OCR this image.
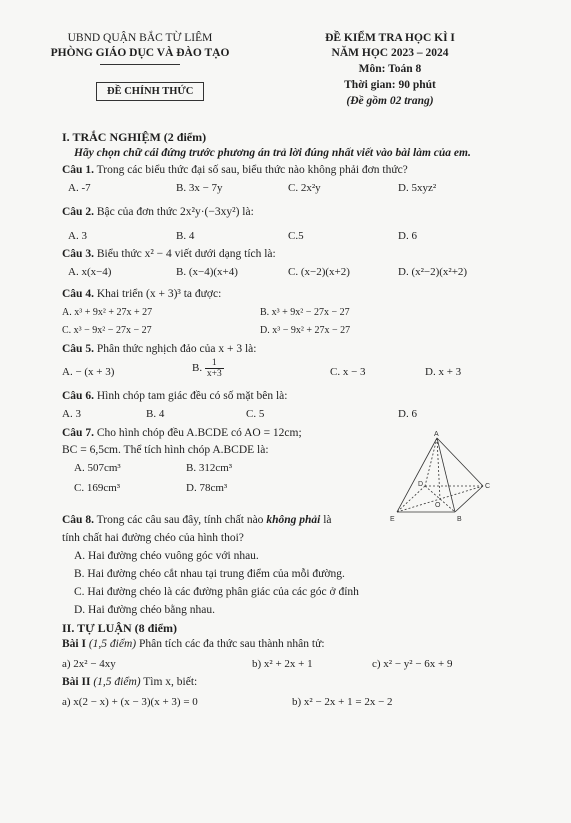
UBND QUẬN BẮC TỪ LIÊM
PHÒNG GIÁO DỤC VÀ ĐÀO TẠO
ĐỀ CHÍNH THỨC
ĐỀ KIỂM TRA HỌC KÌ I
NĂM HỌC 2023 – 2024
Môn: Toán 8
Thời gian: 90 phút
(Đề gồm 02 trang)
I. TRẮC NGHIỆM (2 điểm)
Hãy chọn chữ cái đứng trước phương án trả lời đúng nhất viết vào bài làm của em.
Câu 1. Trong các biểu thức đại số sau, biểu thức nào không phải đơn thức?
A. -7	B. 3x − 7y	C. 2x²y	D. 5xyz²
Câu 2. Bậc của đơn thức 2x²y·(−3xy²) là:
A. 3	B. 4	C.5	D. 6
Câu 3. Biểu thức x² − 4 viết dưới dạng tích là:
A. x(x−4)	B. (x−4)(x+4)	C. (x−2)(x+2)	D. (x²−2)(x²+2)
Câu 4. Khai triển (x + 3)³ ta được:
A. x³ + 9x² + 27x + 27	B. x³ + 9x² − 27x − 27
C. x³ − 9x² − 27x − 27	D. x³ − 9x² + 27x − 27
Câu 5. Phân thức nghịch đảo của x + 3 là:
A. − (x + 3)	B. $\frac{1}{x+3}$	C. x − 3	D. x + 3
Câu 6. Hình chóp tam giác đều có số mặt bên là:
A. 3	B. 4	C. 5	D. 6
Câu 7. Cho hình chóp đều A.BCDE có AO = 12cm;
BC = 6,5cm. Thể tích hình chóp A.BCDE là:
A. 507cm³	B. 312cm³
C. 169cm³	D. 78cm³
A
B
C
D
E
O
Câu 8. Trong các câu sau đây, tính chất nào không phải là
tính chất hai đường chéo của hình thoi?
A. Hai đường chéo vuông góc với nhau.
B. Hai đường chéo cắt nhau tại trung điểm của mỗi đường.
C. Hai đường chéo là các đường phân giác của các góc ở đỉnh
D. Hai đường chéo bằng nhau.
II. TỰ LUẬN (8 điểm)
Bài I (1,5 điểm) Phân tích các đa thức sau thành nhân tử:
a) 2x² − 4xy	b) x² + 2x + 1	c) x² − y² − 6x + 9
Bài II (1,5 điểm) Tìm x, biết:
a) x(2 − x) + (x − 3)(x + 3) = 0	b) x² − 2x + 1 = 2x − 2
